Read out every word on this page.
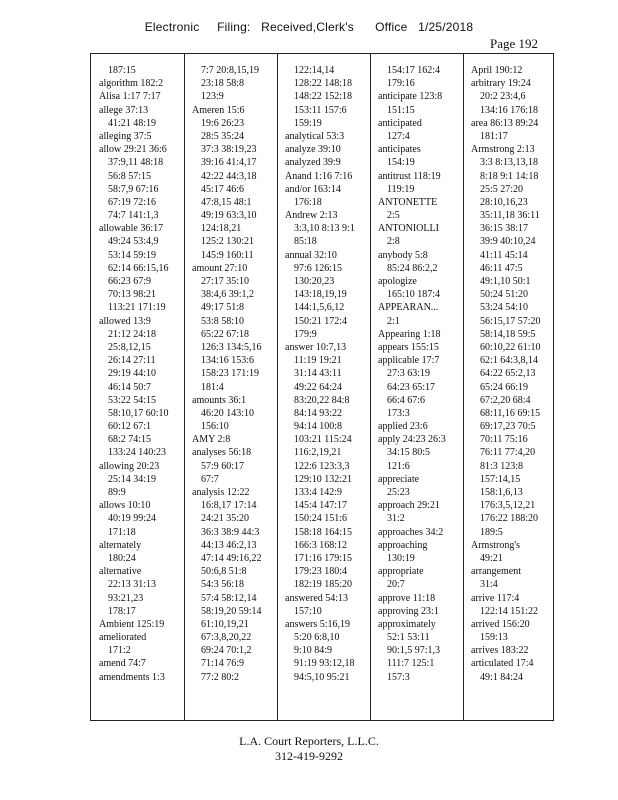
Electronic     Filing:   Received,Clerk's      Office   1/25/2018
Page 192
187:15
algorithm 182:2
Alisa 1:17 7:17
allege 37:13
41:21 48:19
alleging 37:5
allow 29:21 36:6
37:9,11 48:18
56:8 57:15
58:7,9 67:16
67:19 72:16
74:7 141:1,3
allowable 36:17
49:24 53:4,9
53:14 59:19
62:14 66:15,16
66:23 67:9
70:13 98:21
113:21 171:19
allowed 13:9
21:12 24:18
25:8,12,15
26:14 27:11
29:19 44:10
46:14 50:7
53:22 54:15
58:10,17 60:10
60:12 67:1
68:2 74:15
133:24 140:23
allowing 20:23
25:14 34:19
89:9
allows 10:10
40:19 99:24
171:18
alternately
180:24
alternative
22:13 31:13
93:21,23
178:17
Ambient 125:19
ameliorated
171:2
amend 74:7
amendments 1:3
7:7 20:8,15,19
23:18 58:8
123:9
Ameren 15:6
19:6 26:23
28:5 35:24
37:3 38:19,23
39:16 41:4,17
42:22 44:3,18
45:17 46:6
47:8,15 48:1
49:19 63:3,10
124:18,21
125:2 130:21
145:9 160:11
amount 27:10
27:17 35:10
38:4,6 39:1,2
49:17 51:8
53:8 58:10
65:22 67:18
126:3 134:5,16
134:16 153:6
158:23 171:19
181:4
amounts 36:1
46:20 143:10
156:10
AMY 2:8
analyses 56:18
57:9 60:17
67:7
analysis 12:22
16:8,17 17:14
24:21 35:20
36:3 38:9 44:3
44:13 46:2,13
47:14 49:16,22
50:6,8 51:8
54:3 56:18
57:4 58:12,14
58:19,20 59:14
61:10,19,21
67:3,8,20,22
69:24 70:1,2
71:14 76:9
77:2 80:2
122:14,14
128:22 148:18
148:22 152:18
153:11 157:6
159:19
analytical 53:3
analyze 39:10
analyzed 39:9
Anand 1:16 7:16
and/or 163:14
176:18
Andrew 2:13
3:3,10 8:13 9:1
85:18
annual 32:10
97:6 126:15
130:20,23
143:18,19,19
144:1,5,6,12
150:21 172:4
179:9
answer 10:7,13
11:19 19:21
31:14 43:11
49:22 64:24
83:20,22 84:8
84:14 93:22
94:14 100:8
103:21 115:24
116:2,19,21
122:6 123:3,3
129:10 132:21
133:4 142:9
145:4 147:17
150:24 151:6
158:18 164:15
166:3 168:12
171:16 179:15
179:23 180:4
182:19 185:20
answered 54:13
157:10
answers 5:16,19
5:20 6:8,10
9:10 84:9
91:19 93:12,18
94:5,10 95:21
154:17 162:4
179:16
anticipate 123:8
151:15
anticipated
127:4
anticipates
154:19
antitrust 118:19
119:19
ANTONETTE
2:5
ANTONIOLLI
2:8
anybody 5:8
85:24 86:2,2
apologize
165:10 187:4
APPEARAN...
2:1
Appearing 1:18
appears 155:15
applicable 17:7
27:3 63:19
64:23 65:17
66:4 67:6
173:3
applied 23:6
apply 24:23 26:3
34:15 80:5
121:6
appreciate
25:23
approach 29:21
31:2
approaches 34:2
approaching
130:19
appropriate
20:7
approve 11:18
approving 23:1
approximately
52:1 53:11
90:1,5 97:1,3
111:7 125:1
157:3
April 190:12
arbitrary 19:24
20:2 23:4,6
134:16 176:18
area 86:13 89:24
181:17
Armstrong 2:13
3:3 8:13,13,18
8:18 9:1 14:18
25:5 27:20
28:10,16,23
35:11,18 36:11
36:15 38:17
39:9 40:10,24
41:11 45:14
46:11 47:5
49:1,10 50:1
50:24 51:20
53:24 54:10
56:15,17 57:20
58:14,18 59:5
60:10,22 61:10
62:1 64:3,8,14
64:22 65:2,13
65:24 66:19
67:2,20 68:4
68:11,16 69:15
69:17,23 70:5
70:11 75:16
76:11 77:4,20
81:3 123:8
157:14,15
158:1,6,13
176:3,5,12,21
176:22 188:20
189:5
Armstrong's
49:21
arrangement
31:4
arrive 117:4
122:14 151:22
arrived 156:20
159:13
arrives 183:22
articulated 17:4
49:1 84:24
L.A. Court Reporters, L.L.C.
312-419-9292
